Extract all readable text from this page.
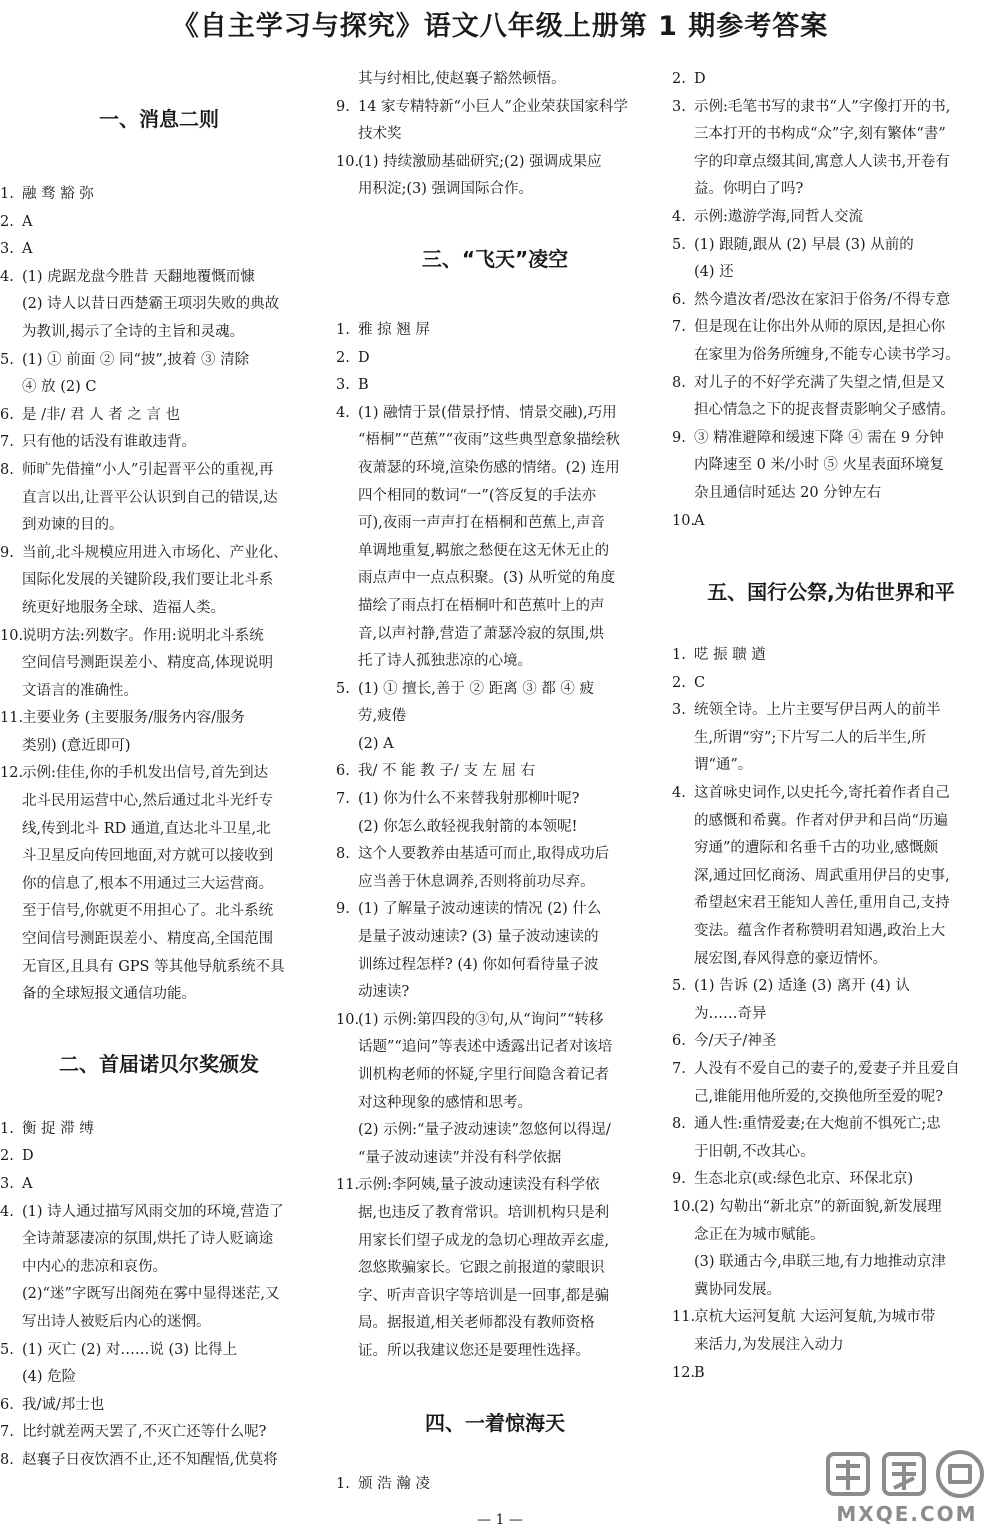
《自主学习与探究》语文八年级上册第 1 期参考答案
一、消息二则
1. 融 骛 豁 弥
2. A
3. A
4. (1) 虎踞龙盘今胜昔 天翻地覆慨而慷
(2) 诗人以昔日西楚霸王项羽失败的典故
为教训,揭示了全诗的主旨和灵魂。
5. (1) ① 前面 ② 同“披”,披着 ③ 清除
④ 放 (2) C
6. 是 /非/ 君 人 者 之 言 也
7. 只有他的话没有谁敢违背。
8. 师旷先借撞“小人”引起晋平公的重视,再
直言以出,让晋平公认识到自己的错误,达
到劝谏的目的。
9. 当前,北斗规模应用进入市场化、产业化、
国际化发展的关键阶段,我们要让北斗系
统更好地服务全球、造福人类。
10.
说明方法:列数字。作用:说明北斗系统
空间信号测距误差小、精度高,体现说明
文语言的准确性。
11.
主要业务 (主要服务/服务内容/服务
类别) (意近即可)
12.
示例:佳佳,你的手机发出信号,首先到达
北斗民用运营中心,然后通过北斗光纤专
线,传到北斗 RD 通道,直达北斗卫星,北
斗卫星反向传回地面,对方就可以接收到
你的信息了,根本不用通过三大运营商。
至于信号,你就更不用担心了。北斗系统
空间信号测距误差小、精度高,全国范围
无盲区,且具有 GPS 等其他导航系统不具
备的全球短报文通信功能。
二、首届诺贝尔奖颁发
1. 衡 捉 滞 缚
2. D
3. A
4. (1) 诗人通过描写风雨交加的环境,营造了
全诗萧瑟凄凉的氛围,烘托了诗人贬谪途
中内心的悲凉和哀伤。
(2)“迷”字既写出阁苑在雾中显得迷茫,又
写出诗人被贬后内心的迷惘。
5. (1) 灭亡 (2) 对……说 (3) 比得上
(4) 危险
6. 我/诚/邦士也
7. 比纣就差两天罢了,不灭亡还等什么呢?
8. 赵襄子日夜饮酒不止,还不知醒悟,优莫将
其与纣相比,使赵襄子豁然顿悟。
9. 14 家专精特新“小巨人”企业荣获国家科学
技术奖
10.
(1) 持续激励基础研究;(2) 强调成果应
用积淀;(3) 强调国际合作。
三、“飞天”凌空
1. 雅 掠 翘 屏
2. D
3. B
4. (1) 融情于景(借景抒情、情景交融),巧用
“梧桐”“芭蕉”“夜雨”这些典型意象描绘秋
夜萧瑟的环境,渲染伤感的情绪。(2) 连用
四个相同的数词“一”(答反复的手法亦
可),夜雨一声声打在梧桐和芭蕉上,声音
单调地重复,羁旅之愁便在这无休无止的
雨点声中一点点积聚。(3) 从听觉的角度
描绘了雨点打在梧桐叶和芭蕉叶上的声
音,以声衬静,营造了萧瑟冷寂的氛围,烘
托了诗人孤独悲凉的心境。
5. (1) ① 擅长,善于 ② 距离 ③ 都 ④ 疲
劳,疲倦
(2) A
6. 我/ 不 能 教 子/ 支 左 屈 右
7. (1) 你为什么不来替我射那柳叶呢?
(2) 你怎么敢轻视我射箭的本领呢!
8. 这个人要教养由基适可而止,取得成功后
应当善于休息调养,否则将前功尽弃。
9. (1) 了解量子波动速读的情况 (2) 什么
是量子波动速读? (3) 量子波动速读的
训练过程怎样? (4) 你如何看待量子波
动速读?
10.
(1) 示例:第四段的③句,从“询问”“转移
话题”“追问”等表述中透露出记者对该培
训机构老师的怀疑,字里行间隐含着记者
对这种现象的感情和思考。
(2) 示例:“量子波动速读”忽悠何以得逞/
“量子波动速读”并没有科学依据
11.
示例:李阿姨,量子波动速读没有科学依
据,也违反了教育常识。培训机构只是利
用家长们望子成龙的急切心理故弄玄虚,
忽悠欺骗家长。它跟之前报道的蒙眼识
字、听声音识字等培训是一回事,都是骗
局。据报道,相关老师都没有教师资格
证。所以我建议您还是要理性选择。
四、一着惊海天
1. 颁 浩 瀚 凌
2. D
3. 示例:毛笔书写的隶书“人”字像打开的书,
三本打开的书构成“众”字,刻有繁体“書”
字的印章点缀其间,寓意人人读书,开卷有
益。你明白了吗?
4. 示例:遨游学海,同哲人交流
5. (1) 跟随,跟从 (2) 早晨 (3) 从前的
(4) 还
6. 然今遣汝者/恐汝在家汩于俗务/不得专意
7. 但是现在让你出外从师的原因,是担心你
在家里为俗务所缠身,不能专心读书学习。
8. 对儿子的不好学充满了失望之情,但是又
担心情急之下的捉丧督责影响父子感情。
9. ③ 精准避障和缓速下降 ④ 需在 9 分钟
内降速至 0 米/小时 ⑤ 火星表面环境复
杂且通信时延达 20 分钟左右
10.
A
五、国行公祭,为佑世界和平
1. 呓 振 聩 遒
2. C
3. 统领全诗。上片主要写伊吕两人的前半
生,所谓“穷”;下片写二人的后半生,所
谓“通”。
4. 这首咏史词作,以史托今,寄托着作者自己
的感慨和希冀。作者对伊尹和吕尚“历遍
穷通”的遭际和名垂千古的功业,感慨颇
深,通过回忆商汤、周武重用伊吕的史事,
希望赵宋君王能知人善任,重用自己,支持
变法。蕴含作者称赞明君知遇,政治上大
展宏图,春风得意的豪迈情怀。
5. (1) 告诉 (2) 适逢 (3) 离开 (4) 认
为……奇异
6. 今/天子/神圣
7. 人没有不爱自己的妻子的,爱妻子并且爱自
己,谁能用他所爱的,交换他所至爱的呢?
8. 通人性:重情爱妻;在大炮前不惧死亡;忠
于旧朝,不改其心。
9. 生态北京(或:绿色北京、环保北京)
10.
(2) 勾勒出“新北京”的新面貌,新发展理
念正在为城市赋能。
(3) 联通古今,串联三地,有力地推动京津
冀协同发展。
11.
京杭大运河复航 大运河复航,为城市带
来活力,为发展注入动力
12.
B
— 1 —	MXQE.COM
